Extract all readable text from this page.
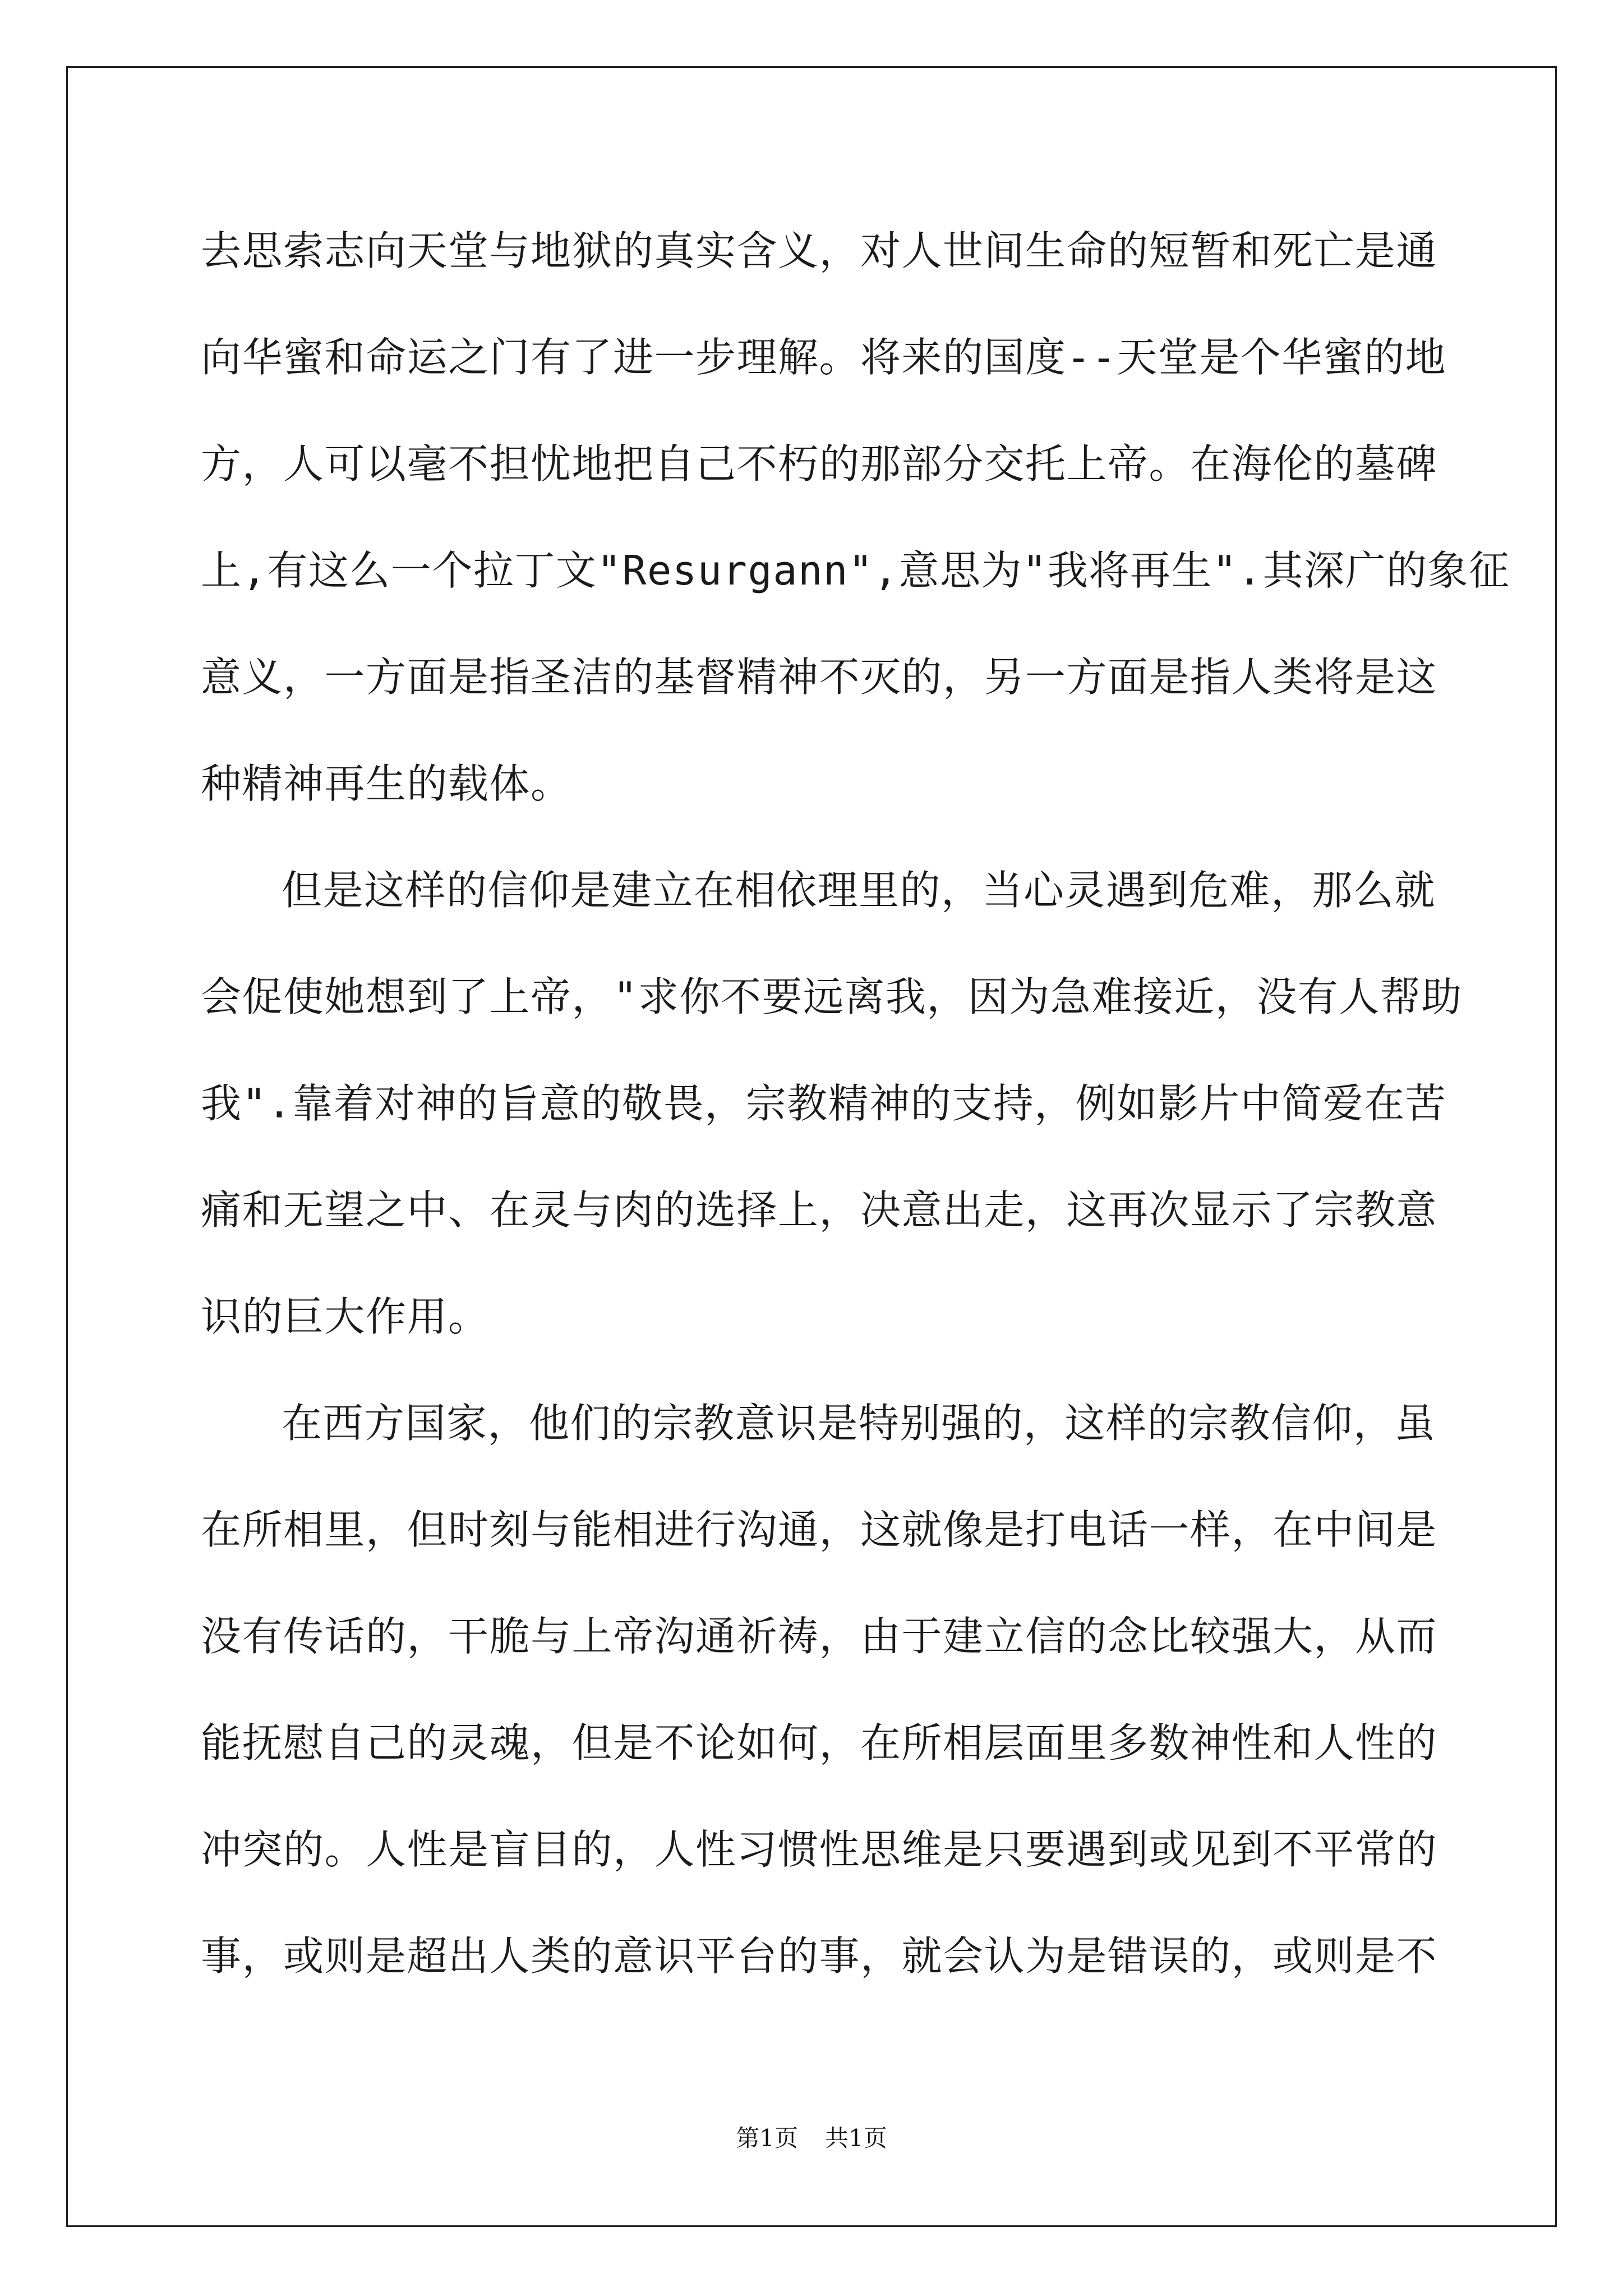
去思索志向天堂与地狱的真实含义，对人世间生命的短暂和死亡是通
向华蜜和命运之门有了进一步理解。将来的国度--天堂是个华蜜的地
方，人可以毫不担忧地把自己不朽的那部分交托上帝。在海伦的墓碑
上,有这么一个拉丁文"Resurgann",意思为"我将再生".其深广的象征
意义，一方面是指圣洁的基督精神不灭的，另一方面是指人类将是这
种精神再生的载体。
但是这样的信仰是建立在相依理里的，当心灵遇到危难，那么就
会促使她想到了上帝，"求你不要远离我，因为急难接近，没有人帮助
我".靠着对神的旨意的敬畏，宗教精神的支持，例如影片中简爱在苦
痛和无望之中、在灵与肉的选择上，决意出走，这再次显示了宗教意
识的巨大作用。
在西方国家，他们的宗教意识是特别强的，这样的宗教信仰，虽
在所相里，但时刻与能相进行沟通，这就像是打电话一样，在中间是
没有传话的，干脆与上帝沟通祈祷，由于建立信的念比较强大，从而
能抚慰自己的灵魂，但是不论如何，在所相层面里多数神性和人性的
冲突的。人性是盲目的，人性习惯性思维是只要遇到或见到不平常的
事，或则是超出人类的意识平台的事，就会认为是错误的，或则是不
第1页 共1页
